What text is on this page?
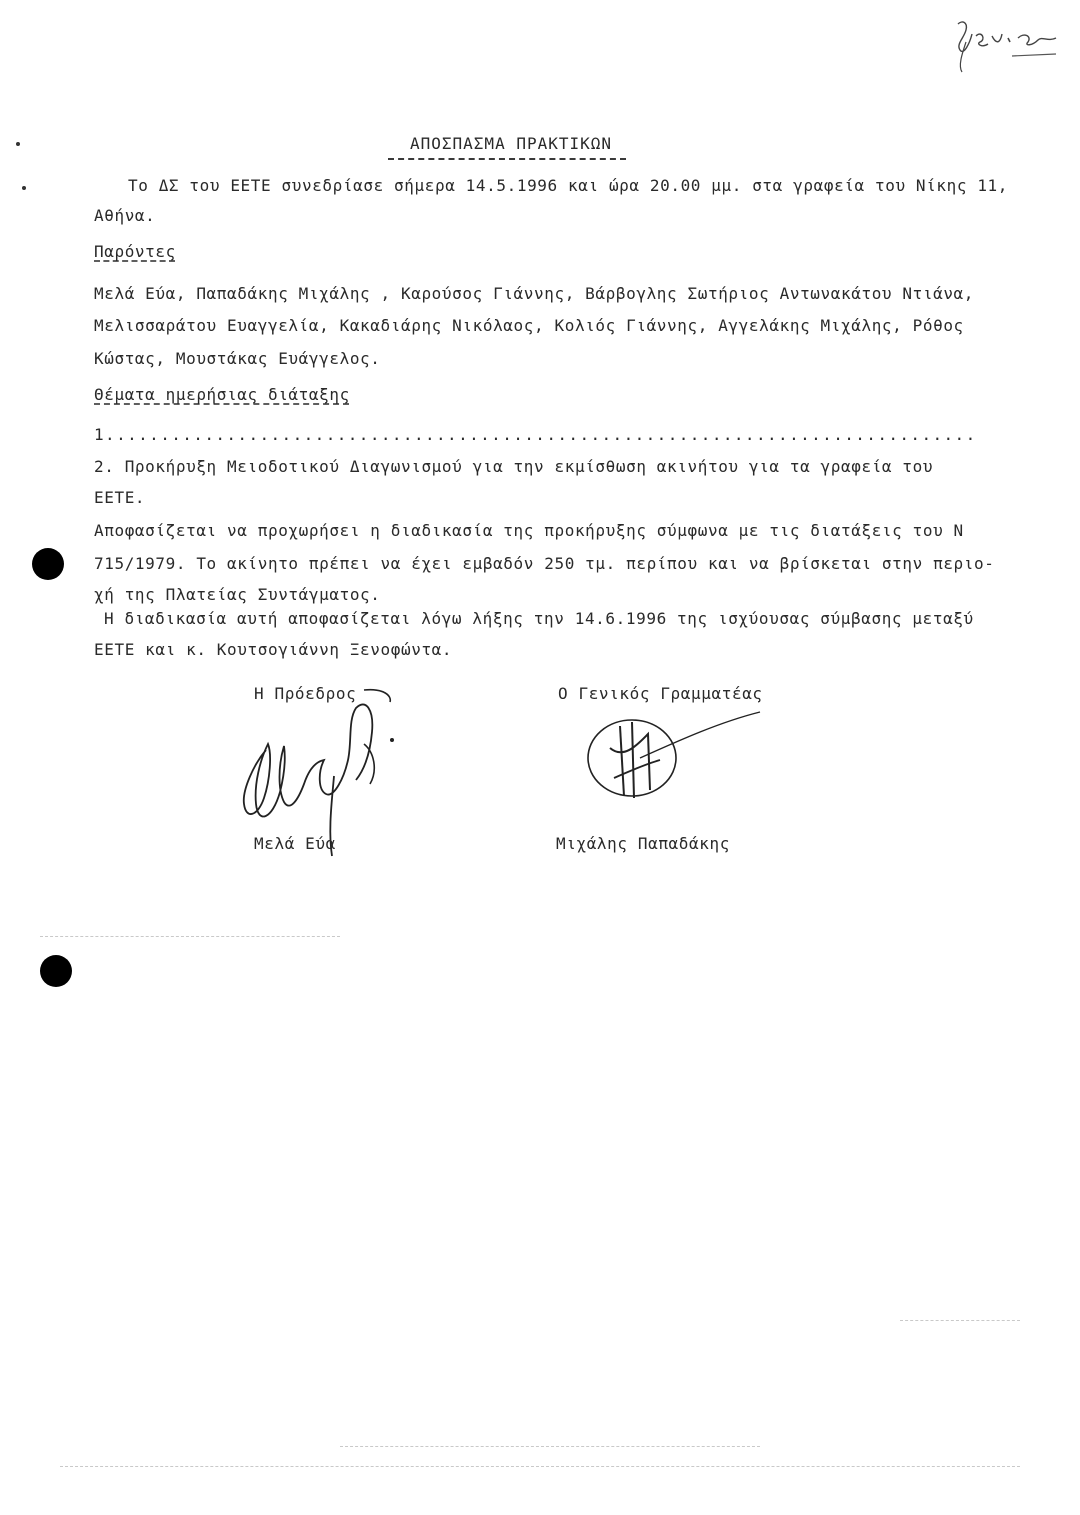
ΑΠΟΣΠΑΣΜΑ ΠΡΑΚΤΙΚΩΝ
Το ΔΣ του ΕΕΤΕ συνεδρίασε σήμερα 14.5.1996 και ώρα 20.00 μμ. στα γραφεία του Νίκης 11,
Αθήνα.
Παρόντες
Μελά Εύα, Παπαδάκης Μιχάλης , Καρούσος Γιάννης, Βάρβογλης Σωτήριος Αντωνακάτου Ντιάνα,
Μελισσαράτου Ευαγγελία, Κακαδιάρης Νικόλαος, Κολιός Γιάννης, Αγγελάκης Μιχάλης, Ρόθος
Κώστας, Μουστάκας Ευάγγελος.
Θέματα ημερήσιας διάταξης
1...............................................................................
2. Προκήρυξη Μειοδοτικού Διαγωνισμού για την εκμίσθωση ακινήτου για τα γραφεία του
ΕΕΤΕ.
Αποφασίζεται να προχωρήσει η διαδικασία της προκήρυξης σύμφωνα με τις διατάξεις του Ν
715/1979. Το ακίνητο πρέπει να έχει εμβαδόν 250 τμ. περίπου και να βρίσκεται στην περιο-
χή της Πλατείας Συντάγματος.
Η διαδικασία αυτή αποφασίζεται λόγω λήξης την 14.6.1996 της ισχύουσας σύμβασης μεταξύ
ΕΕΤΕ και κ. Κουτσογιάννη Ξενοφώντα.
Η Πρόεδρος	Ο Γενικός Γραμματέας
Μελά Εύα	Μιχάλης Παπαδάκης
